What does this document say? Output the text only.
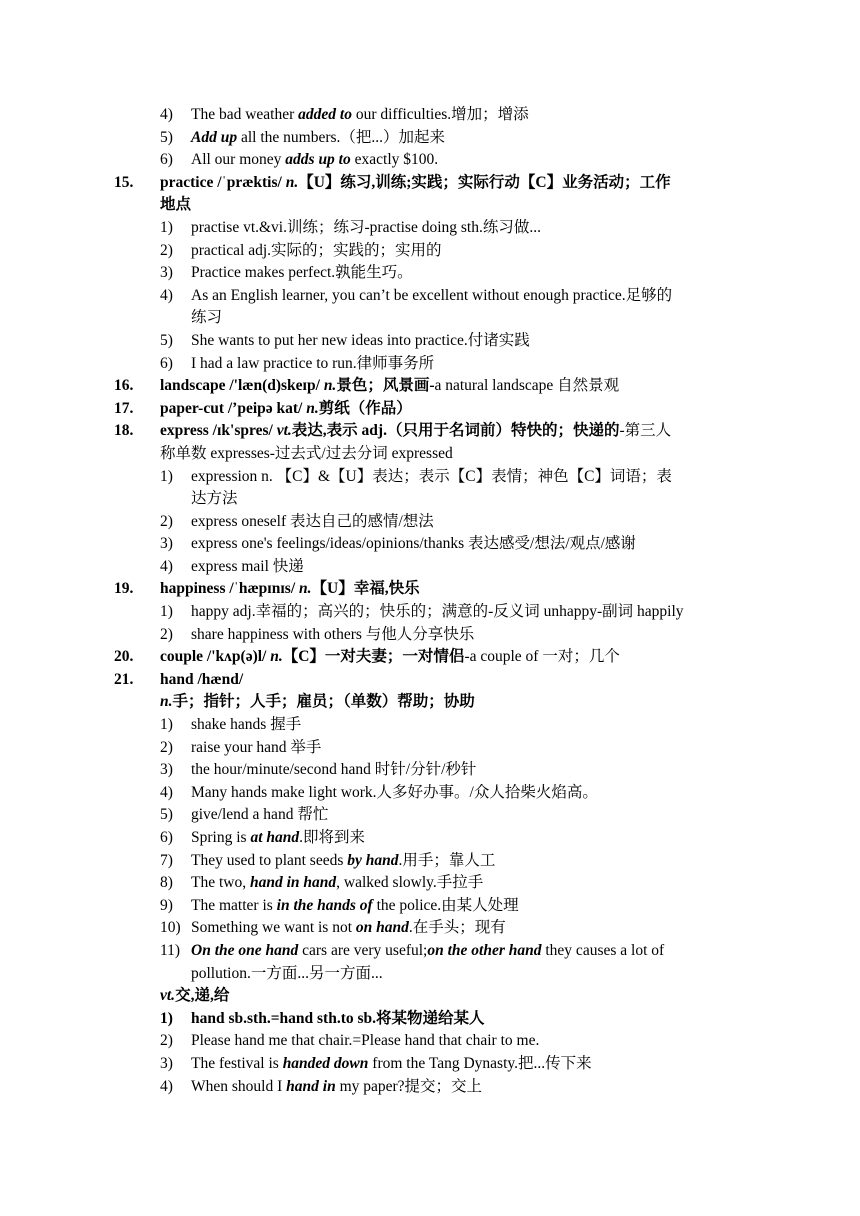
4) The bad weather added to our difficulties.增加；增添
5) Add up all the numbers.（把...）加起来
6) All our money adds up to exactly $100.
15. practice /ˈpræktis/ n.【U】练习,训练;实践；实际行动【C】业务活动；工作
地点
1) practise vt.&vi.训练；练习-practise doing sth.练习做...
2) practical adj.实际的；实践的；实用的
3) Practice makes perfect.孰能生巧。
4) As an English learner, you can’t be excellent without enough practice.足够的
练习
5) She wants to put her new ideas into practice.付诸实践
6) I had a law practice to run.律师事务所
16. landscape /'læn(d)skeɪp/ n.景色；风景画-a natural landscape 自然景观
17. paper-cut /’peipə kat/ n.剪纸（作品）
18. express /ɪk'spres/ vt.表达,表示 adj.（只用于名词前）特快的；快递的-第三人
称单数 expresses-过去式/过去分词 expressed
1) expression n. 【C】&【U】表达；表示【C】表情；神色【C】词语；表
达方法
2) express oneself 表达自己的感情/想法
3) express one's feelings/ideas/opinions/thanks 表达感受/想法/观点/感谢
4) express mail 快递
19. happiness /ˈhæpɪnɪs/ n.【U】幸福,快乐
1) happy adj.幸福的；高兴的；快乐的；满意的-反义词 unhappy-副词 happily
2) share happiness with others 与他人分享快乐
20. couple /'kʌp(ə)l/ n.【C】一对夫妻；一对情侣-a couple of 一对；几个
21. hand /hænd/
n.手；指针；人手；雇员；（单数）帮助；协助
1) shake hands 握手
2) raise your hand 举手
3) the hour/minute/second hand 时针/分针/秒针
4) Many hands make light work.人多好办事。/众人拾柴火焰高。
5) give/lend a hand 帮忙
6) Spring is at hand.即将到来
7) They used to plant seeds by hand.用手；靠人工
8) The two, hand in hand, walked slowly.手拉手
9) The matter is in the hands of the police.由某人处理
10) Something we want is not on hand.在手头；现有
11) On the one hand cars are very useful;on the other hand they causes a lot of
pollution.一方面...另一方面...
vt.交,递,给
1) hand sb.sth.=hand sth.to sb.将某物递给某人
2) Please hand me that chair.=Please hand that chair to me.
3) The festival is handed down from the Tang Dynasty.把...传下来
4) When should I hand in my paper?提交；交上
